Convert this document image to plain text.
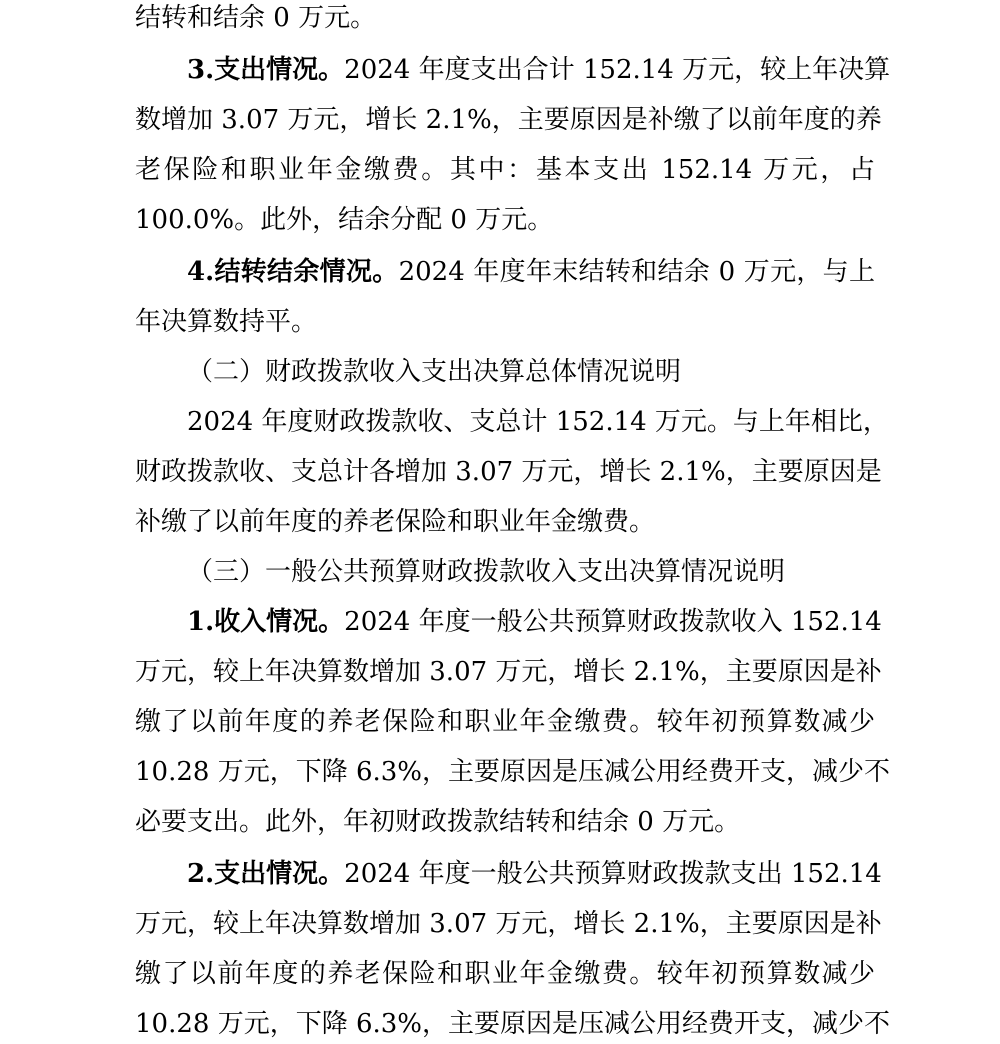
结转和结余 0 万元。
3.支出情况。2024 年度支出合计 152.14 万元，较上年决算
数增加 3.07 万元，增长 2.1%，主要原因是补缴了以前年度的养
老保险和职业年金缴费。其中：基本支出 152.14 万元，占
100.0%。此外，结余分配 0 万元。
4.结转结余情况。2024 年度年末结转和结余 0 万元，与上
年决算数持平。
（二）财政拨款收入支出决算总体情况说明
2024 年度财政拨款收、支总计 152.14 万元。与上年相比，
财政拨款收、支总计各增加 3.07 万元，增长 2.1%，主要原因是
补缴了以前年度的养老保险和职业年金缴费。
（三）一般公共预算财政拨款收入支出决算情况说明
1.收入情况。2024 年度一般公共预算财政拨款收入 152.14
万元，较上年决算数增加 3.07 万元，增长 2.1%，主要原因是补
缴了以前年度的养老保险和职业年金缴费。较年初预算数减少
10.28 万元，下降 6.3%，主要原因是压减公用经费开支，减少不
必要支出。此外，年初财政拨款结转和结余 0 万元。
2.支出情况。2024 年度一般公共预算财政拨款支出 152.14
万元，较上年决算数增加 3.07 万元，增长 2.1%，主要原因是补
缴了以前年度的养老保险和职业年金缴费。较年初预算数减少
10.28 万元，下降 6.3%，主要原因是压减公用经费开支，减少不
